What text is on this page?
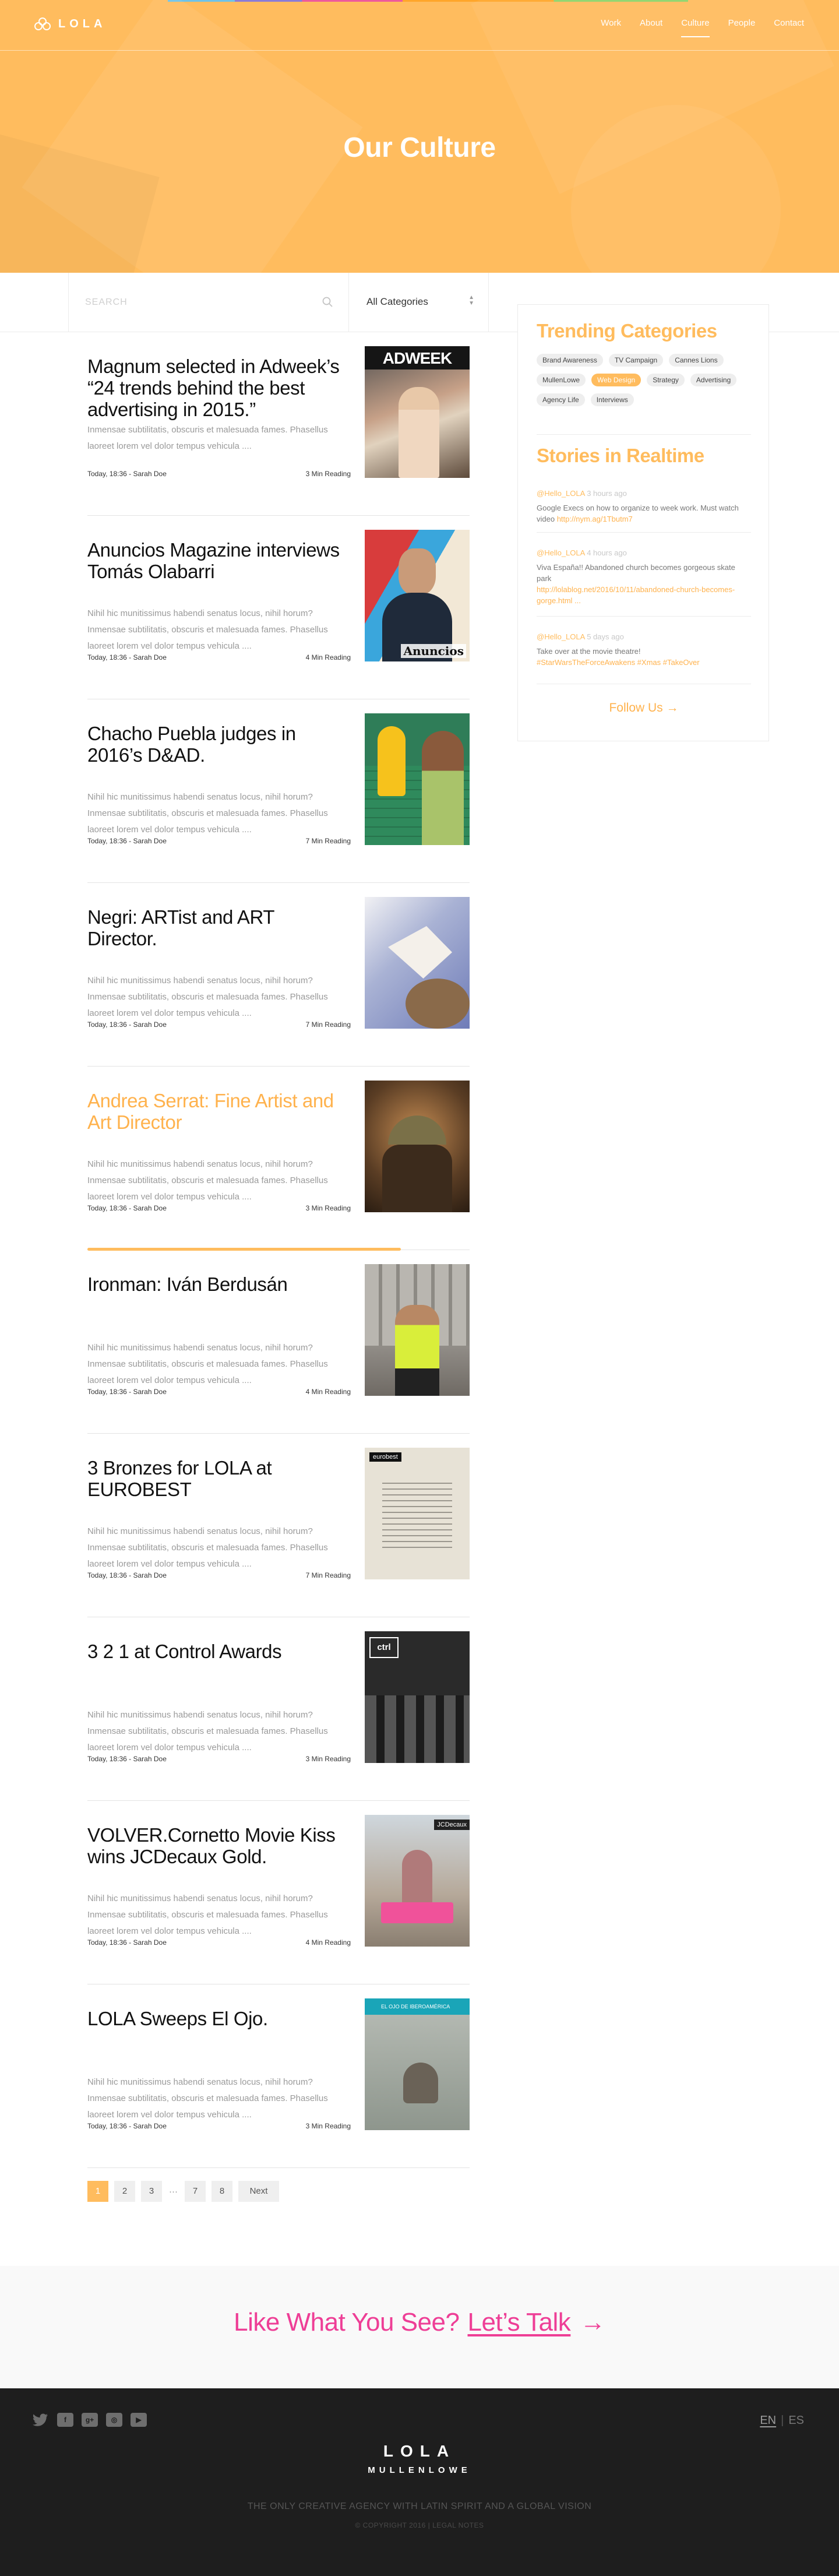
LOLA	Work About Culture People Contact
Our Culture
SEARCH
All Categories	▲
▼
Magnum selected in Adweek’s “24 trends behind the best advertising in 2015.”
Inmensae subtilitatis, obscuris et malesuada fames. Phasellus laoreet lorem vel dolor tempus vehicula ....
Today, 18:36 - Sarah Doe	3 Min Reading
ADWEEK
Anuncios Magazine interviews Tomás Olabarri
Nihil hic munitissimus habendi senatus locus, nihil horum? Inmensae subtilitatis, obscuris et malesuada fames. Phasellus laoreet lorem vel dolor tempus vehicula ....
Today, 18:36 - Sarah Doe	4 Min Reading	Anuncios
Chacho Puebla judges in 2016’s D&AD.
Nihil hic munitissimus habendi senatus locus, nihil horum? Inmensae subtilitatis, obscuris et malesuada fames. Phasellus laoreet lorem vel dolor tempus vehicula ....
Today, 18:36 - Sarah Doe	7 Min Reading
Negri: ARTist and ART Director.
Nihil hic munitissimus habendi senatus locus, nihil horum? Inmensae subtilitatis, obscuris et malesuada fames. Phasellus laoreet lorem vel dolor tempus vehicula ....
Today, 18:36 - Sarah Doe	7 Min Reading
Andrea Serrat: Fine Artist and Art Director
Nihil hic munitissimus habendi senatus locus, nihil horum? Inmensae subtilitatis, obscuris et malesuada fames. Phasellus laoreet lorem vel dolor tempus vehicula ....
Today, 18:36 - Sarah Doe	3 Min Reading
Ironman: Iván Berdusán
Nihil hic munitissimus habendi senatus locus, nihil horum? Inmensae subtilitatis, obscuris et malesuada fames. Phasellus laoreet lorem vel dolor tempus vehicula ....
Today, 18:36 - Sarah Doe	4 Min Reading
3 Bronzes for LOLA at EUROBEST
Nihil hic munitissimus habendi senatus locus, nihil horum? Inmensae subtilitatis, obscuris et malesuada fames. Phasellus laoreet lorem vel dolor tempus vehicula ....
Today, 18:36 - Sarah Doe	7 Min Reading
eurobest
3 2 1 at Control Awards
Nihil hic munitissimus habendi senatus locus, nihil horum? Inmensae subtilitatis, obscuris et malesuada fames. Phasellus laoreet lorem vel dolor tempus vehicula ....
Today, 18:36 - Sarah Doe	3 Min Reading
ctrl
VOLVER.Cornetto Movie Kiss wins JCDecaux Gold.
Nihil hic munitissimus habendi senatus locus, nihil horum? Inmensae subtilitatis, obscuris et malesuada fames. Phasellus laoreet lorem vel dolor tempus vehicula ....
Today, 18:36 - Sarah Doe	4 Min Reading
JCDecaux
LOLA Sweeps El Ojo.
Nihil hic munitissimus habendi senatus locus, nihil horum? Inmensae subtilitatis, obscuris et malesuada fames. Phasellus laoreet lorem vel dolor tempus vehicula ....
Today, 18:36 - Sarah Doe	3 Min Reading
EL OJO DE IBEROAMÉRICA
1	2	3	···	7	8	Next
Trending Categories
Brand Awareness	TV Campaign	Cannes Lions
MullenLowe	Web Design	Strategy	Advertising
Agency Life	Interviews
Stories in Realtime
@Hello_LOLA 3 hours ago
Google Execs on how to organize to week work. Must watch video http://nym.ag/1Tbutm7
@Hello_LOLA 4 hours ago
Viva España!! Abandoned church becomes gorgeous skate park
http://lolablog.net/2016/10/11/abandoned-church-becomes-gorge.html ...
@Hello_LOLA 5 days ago
Take over at the movie theatre!
#StarWarsTheForceAwakens #Xmas #TakeOver
Follow Us →
Like What You See? Let’s Talk →
f	g+	◎	▶	EN | ES
LOLA
MULLENLOWE
THE ONLY CREATIVE AGENCY WITH LATIN SPIRIT AND A GLOBAL VISION
© COPYRIGHT 2016 | LEGAL NOTES
